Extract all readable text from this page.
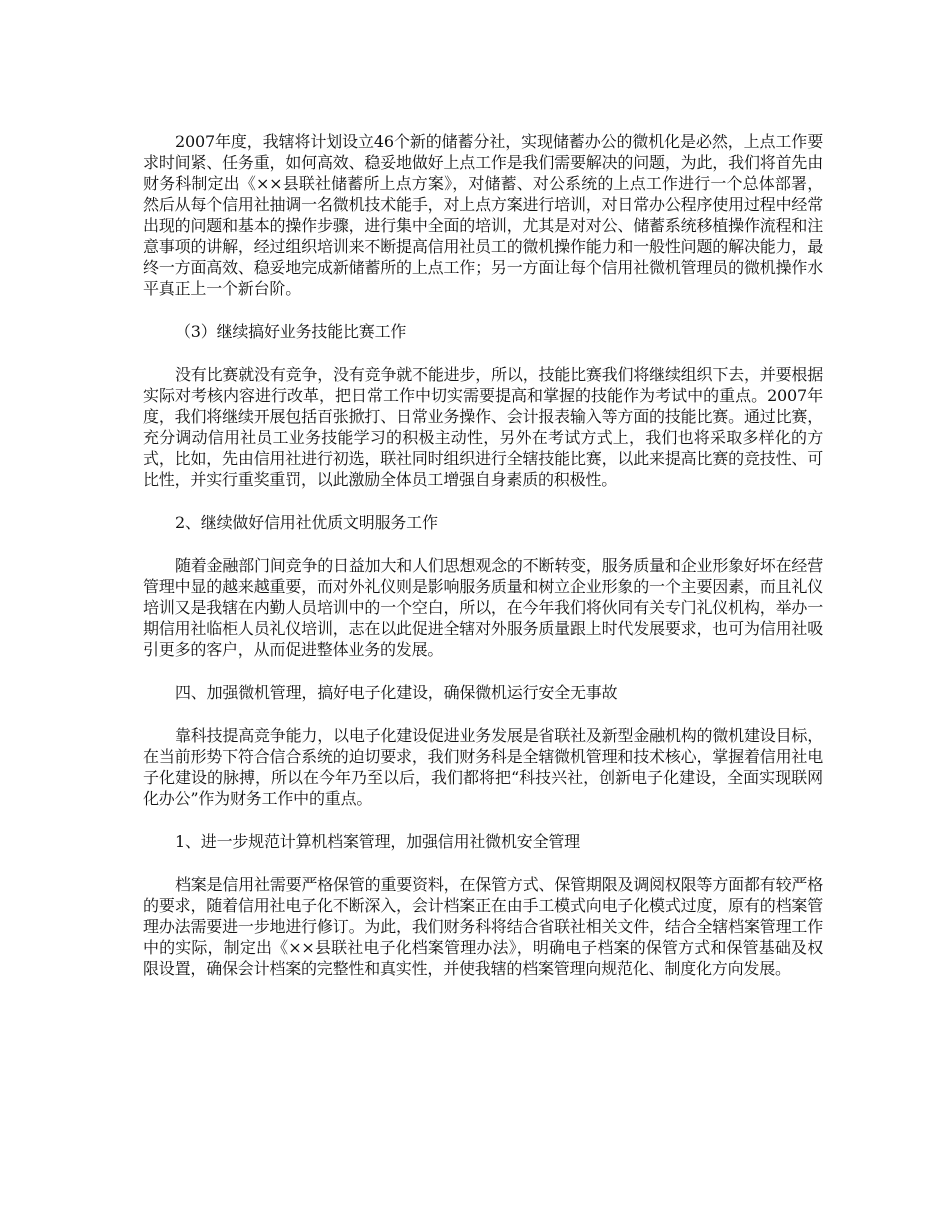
2007年度，我辖将计划设立46个新的储蓄分社，实现储蓄办公的微机化是必然，上点工作要求时间紧、任务重，如何高效、稳妥地做好上点工作是我们需要解决的问题，为此，我们将首先由财务科制定出《××县联社储蓄所上点方案》，对储蓄、对公系统的上点工作进行一个总体部署，然后从每个信用社抽调一名微机技术能手，对上点方案进行培训，对日常办公程序使用过程中经常出现的问题和基本的操作步骤，进行集中全面的培训，尤其是对对公、储蓄系统移植操作流程和注意事项的讲解，经过组织培训来不断提高信用社员工的微机操作能力和一般性问题的解决能力，最终一方面高效、稳妥地完成新储蓄所的上点工作；另一方面让每个信用社微机管理员的微机操作水平真正上一个新台阶。

（3）继续搞好业务技能比赛工作

没有比赛就没有竞争，没有竞争就不能进步，所以，技能比赛我们将继续组织下去，并要根据实际对考核内容进行改革，把日常工作中切实需要提高和掌握的技能作为考试中的重点。2007年度，我们将继续开展包括百张掀打、日常业务操作、会计报表输入等方面的技能比赛。通过比赛，充分调动信用社员工业务技能学习的积极主动性，另外在考试方式上，我们也将采取多样化的方式，比如，先由信用社进行初选，联社同时组织进行全辖技能比赛，以此来提高比赛的竞技性、可比性，并实行重奖重罚，以此激励全体员工增强自身素质的积极性。

2、继续做好信用社优质文明服务工作

随着金融部门间竞争的日益加大和人们思想观念的不断转变，服务质量和企业形象好坏在经营管理中显的越来越重要，而对外礼仪则是影响服务质量和树立企业形象的一个主要因素，而且礼仪培训又是我辖在内勤人员培训中的一个空白，所以，在今年我们将伙同有关专门礼仪机构，举办一期信用社临柜人员礼仪培训，志在以此促进全辖对外服务质量跟上时代发展要求，也可为信用社吸引更多的客户，从而促进整体业务的发展。

四、加强微机管理，搞好电子化建设，确保微机运行安全无事故

靠科技提高竞争能力，以电子化建设促进业务发展是省联社及新型金融机构的微机建设目标，在当前形势下符合信合系统的迫切要求，我们财务科是全辖微机管理和技术核心，掌握着信用社电子化建设的脉搏，所以在今年乃至以后，我们都将把“科技兴社，创新电子化建设，全面实现联网化办公”作为财务工作中的重点。

1、进一步规范计算机档案管理，加强信用社微机安全管理

档案是信用社需要严格保管的重要资料，在保管方式、保管期限及调阅权限等方面都有较严格的要求，随着信用社电子化不断深入，会计档案正在由手工模式向电子化模式过度，原有的档案管理办法需要进一步地进行修订。为此，我们财务科将结合省联社相关文件，结合全辖档案管理工作中的实际，制定出《××县联社电子化档案管理办法》，明确电子档案的保管方式和保管基础及权限设置，确保会计档案的完整性和真实性，并使我辖的档案管理向规范化、制度化方向发展。
